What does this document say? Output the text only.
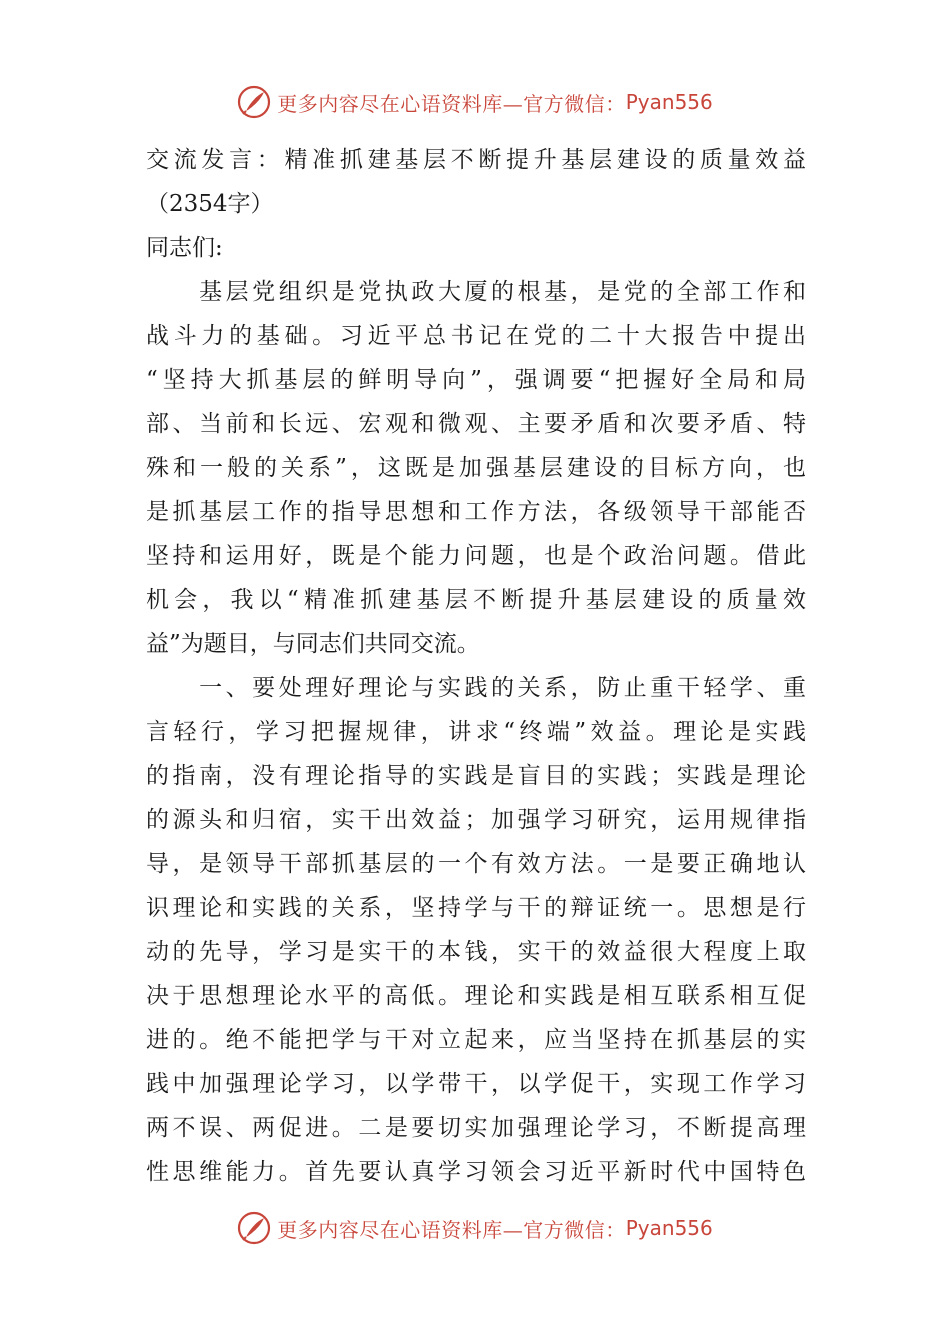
更多内容尽在心语资料库—官方微信： Pyan556
交流发言：精准抓建基层不断提升基层建设的质量效益
（2354字）
同志们:
　　基层党组织是党执政大厦的根基，是党的全部工作和
战斗力的基础。习近平总书记在党的二十大报告中提出
“坚持大抓基层的鲜明导向”，强调要“把握好全局和局
部、当前和长远、宏观和微观、主要矛盾和次要矛盾、特
殊和一般的关系”，这既是加强基层建设的目标方向，也
是抓基层工作的指导思想和工作方法，各级领导干部能否
坚持和运用好，既是个能力问题，也是个政治问题。借此
机会，我以“精准抓建基层不断提升基层建设的质量效
益”为题目，与同志们共同交流。
　　一、要处理好理论与实践的关系，防止重干轻学、重
言轻行，学习把握规律，讲求“终端”效益。理论是实践
的指南，没有理论指导的实践是盲目的实践；实践是理论
的源头和归宿，实干出效益；加强学习研究，运用规律指
导，是领导干部抓基层的一个有效方法。一是要正确地认
识理论和实践的关系，坚持学与干的辩证统一。思想是行
动的先导，学习是实干的本钱，实干的效益很大程度上取
决于思想理论水平的高低。理论和实践是相互联系相互促
进的。绝不能把学与干对立起来，应当坚持在抓基层的实
践中加强理论学习，以学带干，以学促干，实现工作学习
两不误、两促进。二是要切实加强理论学习，不断提高理
性思维能力。首先要认真学习领会习近平新时代中国特色
更多内容尽在心语资料库—官方微信： Pyan556
